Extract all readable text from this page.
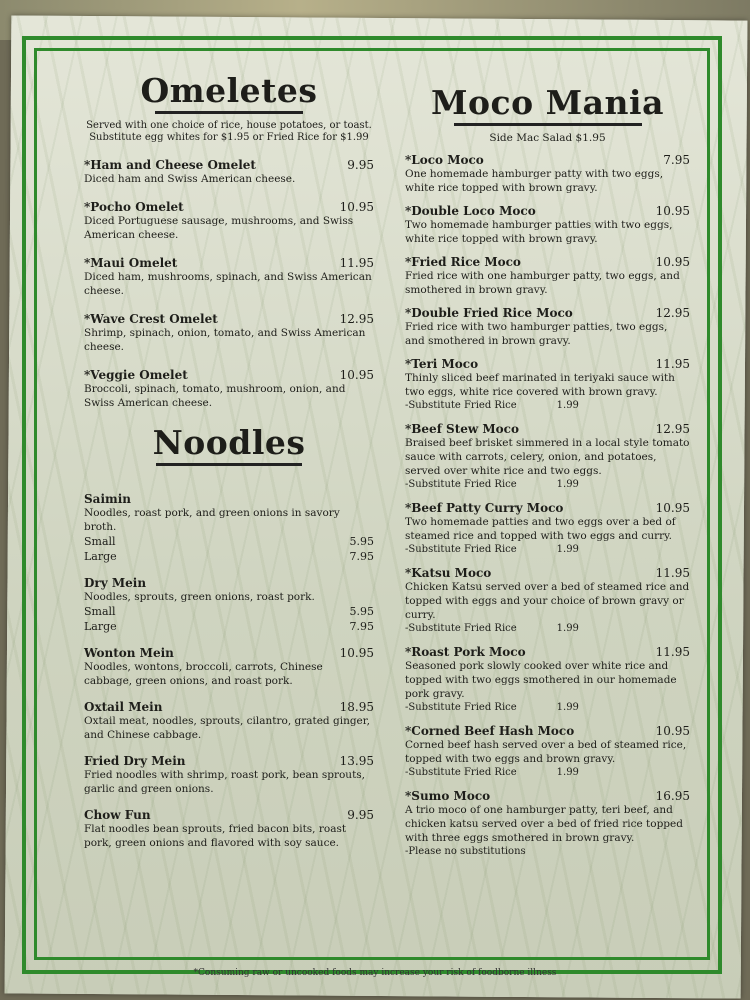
Omeletes
Served with one choice of rice, house potatoes, or toast. Substitute egg whites for $1.95 or Fried Rice for $1.99
*Ham and Cheese Omelet	9.95
Diced ham and Swiss American cheese.
*Pocho Omelet	10.95
Diced Portuguese sausage, mushrooms, and Swiss American cheese.
*Maui Omelet	11.95
Diced ham, mushrooms, spinach, and Swiss American cheese.
*Wave Crest Omelet	12.95
Shrimp, spinach, onion, tomato, and Swiss American cheese.
*Veggie Omelet	10.95
Broccoli, spinach, tomato, mushroom, onion, and Swiss American cheese.
Noodles
Saimin
Noodles, roast pork, and green onions in savory broth.
Small	5.95
Large	7.95
Dry Mein
Noodles, sprouts, green onions, roast pork.
Small	5.95
Large	7.95
Wonton Mein	10.95
Noodles, wontons, broccoli, carrots, Chinese cabbage, green onions, and roast pork.
Oxtail Mein	18.95
Oxtail meat, noodles, sprouts, cilantro, grated ginger, and Chinese cabbage.
Fried Dry Mein	13.95
Fried noodles with shrimp, roast pork, bean sprouts, garlic and green onions.
Chow Fun	9.95
Flat noodles bean sprouts, fried bacon bits, roast pork, green onions and flavored with soy sauce.
Moco Mania
Side Mac Salad $1.95
*Loco Moco	7.95
One homemade hamburger patty with two eggs, white rice topped with brown gravy.
*Double Loco Moco	10.95
Two homemade hamburger patties with two eggs, white rice topped with brown gravy.
*Fried Rice Moco	10.95
Fried rice with one hamburger patty, two eggs, and smothered in brown gravy.
*Double Fried Rice Moco	12.95
Fried rice with two hamburger patties, two eggs, and smothered in brown gravy.
*Teri Moco	11.95
Thinly sliced beef marinated in teriyaki sauce with two eggs, white rice covered with brown gravy.
-Substitute Fried Rice	1.99
*Beef Stew Moco	12.95
Braised beef brisket simmered in a local style tomato sauce with carrots, celery, onion, and potatoes, served over white rice and two eggs.
-Substitute Fried Rice	1.99
*Beef Patty Curry Moco	10.95
Two homemade patties and two eggs over a bed of steamed rice and topped with two eggs and curry.
-Substitute Fried Rice	1.99
*Katsu Moco	11.95
Chicken Katsu served over a bed of steamed rice and topped with eggs and your choice of brown gravy or curry.
-Substitute Fried Rice	1.99
*Roast Pork Moco	11.95
Seasoned pork slowly cooked over white rice and topped with two eggs smothered in our homemade pork gravy.
-Substitute Fried Rice	1.99
*Corned Beef Hash Moco	10.95
Corned beef hash served over a bed of steamed rice, topped with two eggs and brown gravy.
-Substitute Fried Rice	1.99
*Sumo Moco	16.95
A trio moco of one hamburger patty, teri beef, and chicken katsu served over a bed of fried rice topped with three eggs smothered in brown gravy.
-Please no substitutions
*Consuming raw or uncooked foods may increase your risk of foodborne illness
